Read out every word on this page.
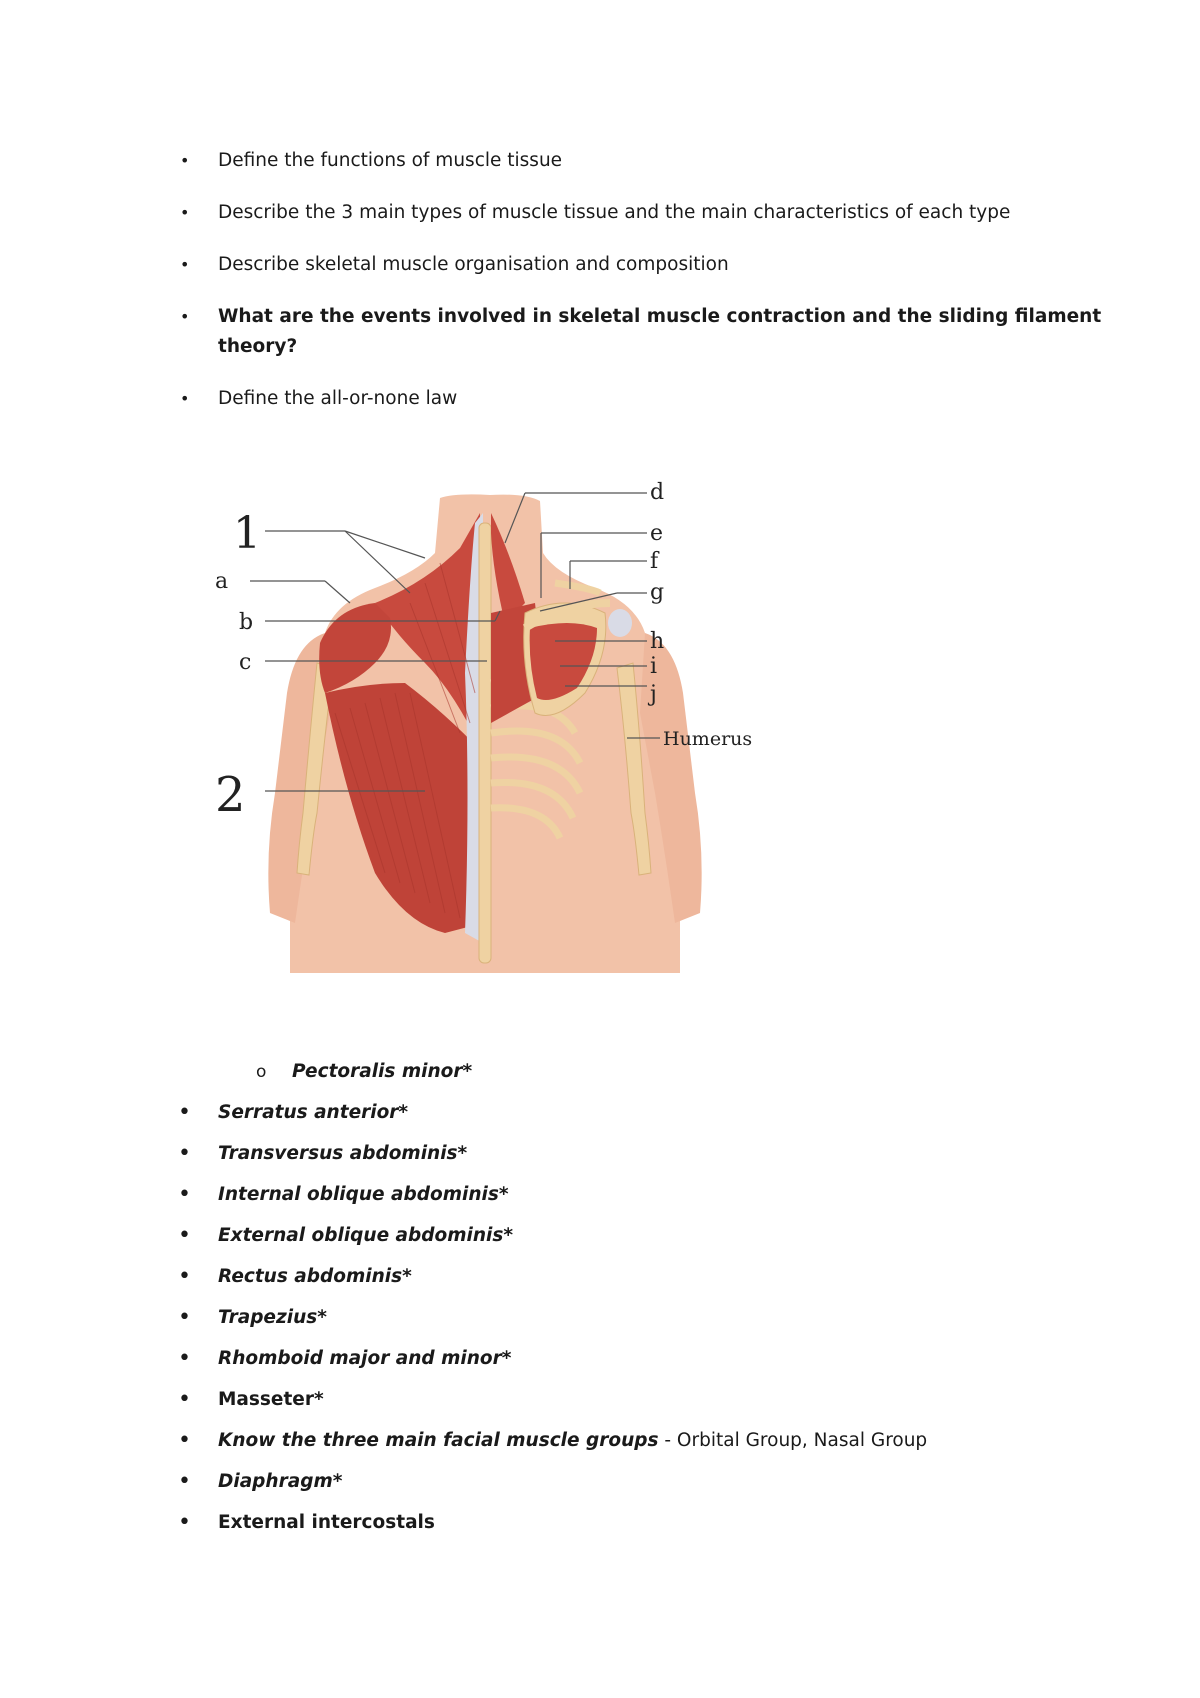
• Define the functions of muscle tissue
• Describe the 3 main types of muscle tissue and the main characteristics of each type
• Describe skeletal muscle organisation and composition
• What are the events involved in skeletal muscle contraction and the sliding filament
theory?
• Define the all-or-none law
1
a
b
c
2
d
e
f
g
h
i
j
Humerus
o Pectoralis minor*
• Serratus anterior*
• Transversus abdominis*
• Internal oblique abdominis*
• External oblique abdominis*
• Rectus abdominis*
• Trapezius*
• Rhomboid major and minor*
• Masseter*
• Know the three main facial muscle groups - Orbital Group, Nasal Group
• Diaphragm*
• External intercostals
